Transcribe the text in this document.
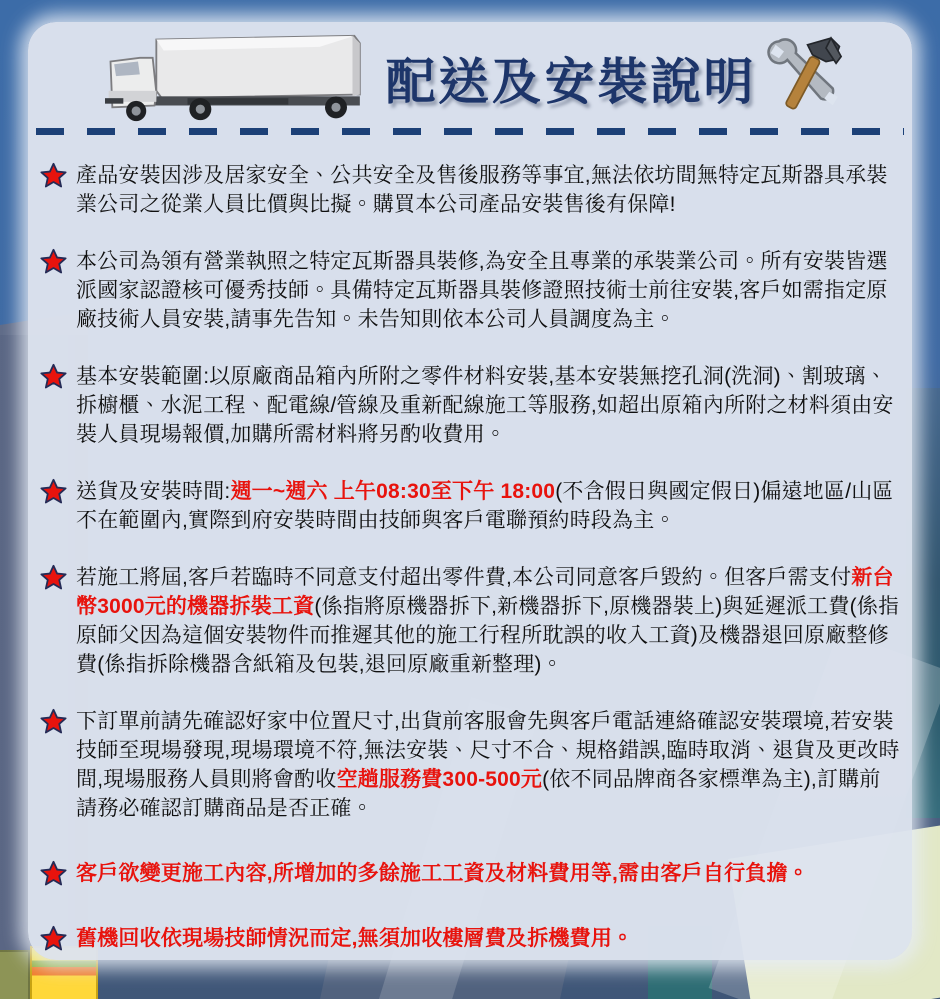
配送及安裝說明
產品安裝因涉及居家安全、公共安全及售後服務等事宜,無法依坊間無特定瓦斯器具承裝業公司之從業人員比價與比擬。購買本公司產品安裝售後有保障!
本公司為領有營業執照之特定瓦斯器具裝修,為安全且專業的承裝業公司。所有安裝皆選派國家認證核可優秀技師。具備特定瓦斯器具裝修證照技術士前往安裝,客戶如需指定原廠技術人員安裝,請事先告知。未告知則依本公司人員調度為主。
基本安裝範圍:以原廠商品箱內所附之零件材料安裝,基本安裝無挖孔洞(洗洞)、割玻璃、拆櫥櫃、水泥工程、配電線/管線及重新配線施工等服務,如超出原箱內所附之材料須由安裝人員現場報價,加購所需材料將另酌收費用。
送貨及安裝時間:週一~週六 上午08:30至下午 18:00(不含假日與國定假日)偏遠地區/山區不在範圍內,實際到府安裝時間由技師與客戶電聯預約時段為主。
若施工將屆,客戶若臨時不同意支付超出零件費,本公司同意客戶毀約。但客戶需支付新台幣3000元的機器拆裝工資(係指將原機器拆下,新機器拆下,原機器裝上)與延遲派工費(係指原師父因為這個安裝物件而推遲其他的施工行程所耽誤的收入工資)及機器退回原廠整修費(係指拆除機器含紙箱及包裝,退回原廠重新整理)。
下訂單前請先確認好家中位置尺寸,出貨前客服會先與客戶電話連絡確認安裝環境,若安裝技師至現場發現,現場環境不符,無法安裝、尺寸不合、規格錯誤,臨時取消、退貨及更改時間,現場服務人員則將會酌收空趟服務費300-500元(依不同品牌商各家標準為主),訂購前請務必確認訂購商品是否正確。
客戶欲變更施工內容,所增加的多餘施工工資及材料費用等,需由客戶自行負擔。
舊機回收依現場技師情況而定,無須加收樓層費及拆機費用。
